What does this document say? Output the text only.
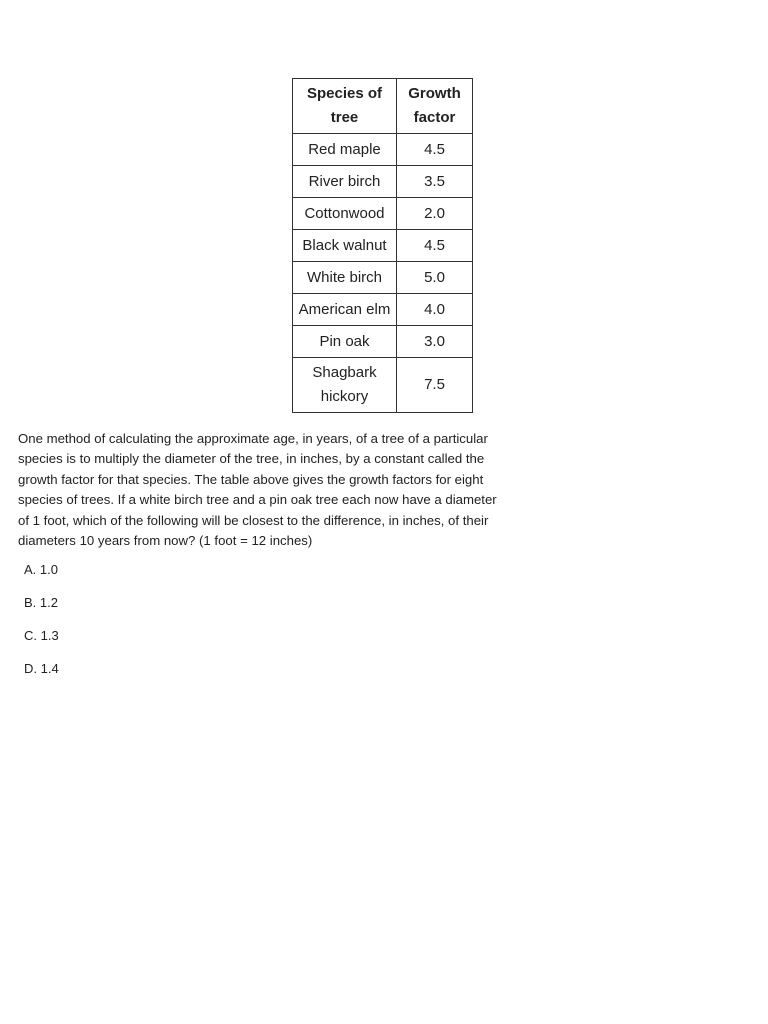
Species of tree	Growth factor

Red maple	4.5
River birch	3.5
Cottonwood	2.0
Black walnut	4.5
White birch	5.0
American elm	4.0
Pin oak	3.0

Shagbark hickory	7.5

One method of calculating the approximate age, in years, of a tree of a particular species is to multiply the diameter of the tree, in inches, by a constant called the growth factor for that species. The table above gives the growth factors for eight species of trees. If a white birch tree and a pin oak tree each now have a diameter of 1 foot, which of the following will be closest to the difference, in inches, of their diameters 10 years from now? (1 foot = 12 inches)

A. 1.0
B. 1.2
C. 1.3
D. 1.4
